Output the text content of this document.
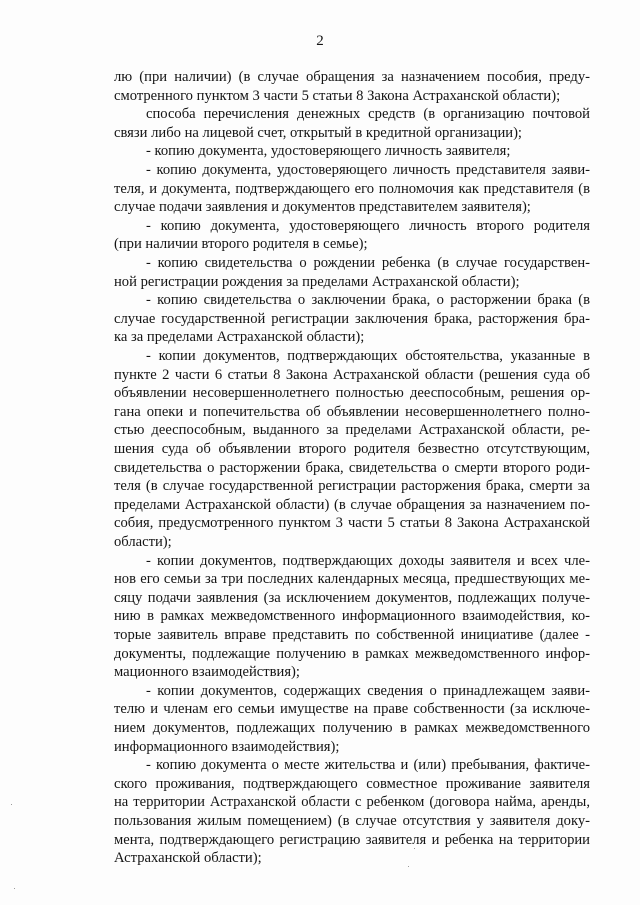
2
лю (при наличии) (в случае обращения за назначением пособия, преду-
смотренного пунктом 3 части 5 статьи 8 Закона Астраханской области);
способа перечисления денежных средств (в организацию почтовой
связи либо на лицевой счет, открытый в кредитной организации);
- копию документа, удостоверяющего личность заявителя;
- копию документа, удостоверяющего личность представителя заяви-
теля, и документа, подтверждающего его полномочия как представителя (в
случае подачи заявления и документов представителем заявителя);
- копию документа, удостоверяющего личность второго родителя
(при наличии второго родителя в семье);
- копию свидетельства о рождении ребенка (в случае государствен-
ной регистрации рождения за пределами Астраханской области);
- копию свидетельства о заключении брака, о расторжении брака (в
случае государственной регистрации заключения брака, расторжения бра-
ка за пределами Астраханской области);
- копии документов, подтверждающих обстоятельства, указанные в
пункте 2 части 6 статьи 8 Закона Астраханской области (решения суда об
объявлении несовершеннолетнего полностью дееспособным, решения ор-
гана опеки и попечительства об объявлении несовершеннолетнего полно-
стью дееспособным, выданного за пределами Астраханской области, ре-
шения суда об объявлении второго родителя безвестно отсутствующим,
свидетельства о расторжении брака, свидетельства о смерти второго роди-
теля (в случае государственной регистрации расторжения брака, смерти за
пределами Астраханской области) (в случае обращения за назначением по-
собия, предусмотренного пунктом 3 части 5 статьи 8 Закона Астраханской
области);
- копии документов, подтверждающих доходы заявителя и всех чле-
нов его семьи за три последних календарных месяца, предшествующих ме-
сяцу подачи заявления (за исключением документов, подлежащих получе-
нию в рамках межведомственного информационного взаимодействия, ко-
торые заявитель вправе представить по собственной инициативе (далее -
документы, подлежащие получению в рамках межведомственного инфор-
мационного взаимодействия);
- копии документов, содержащих сведения о принадлежащем заяви-
телю и членам его семьи имуществе на праве собственности (за исключе-
нием документов, подлежащих получению в рамках межведомственного
информационного взаимодействия);
- копию документа о месте жительства и (или) пребывания, фактиче-
ского проживания, подтверждающего совместное проживание заявителя
на территории Астраханской области с ребенком (договора найма, аренды,
пользования жилым помещением) (в случае отсутствия у заявителя доку-
мента, подтверждающего регистрацию заявителя и ребенка на территории
Астраханской области);
